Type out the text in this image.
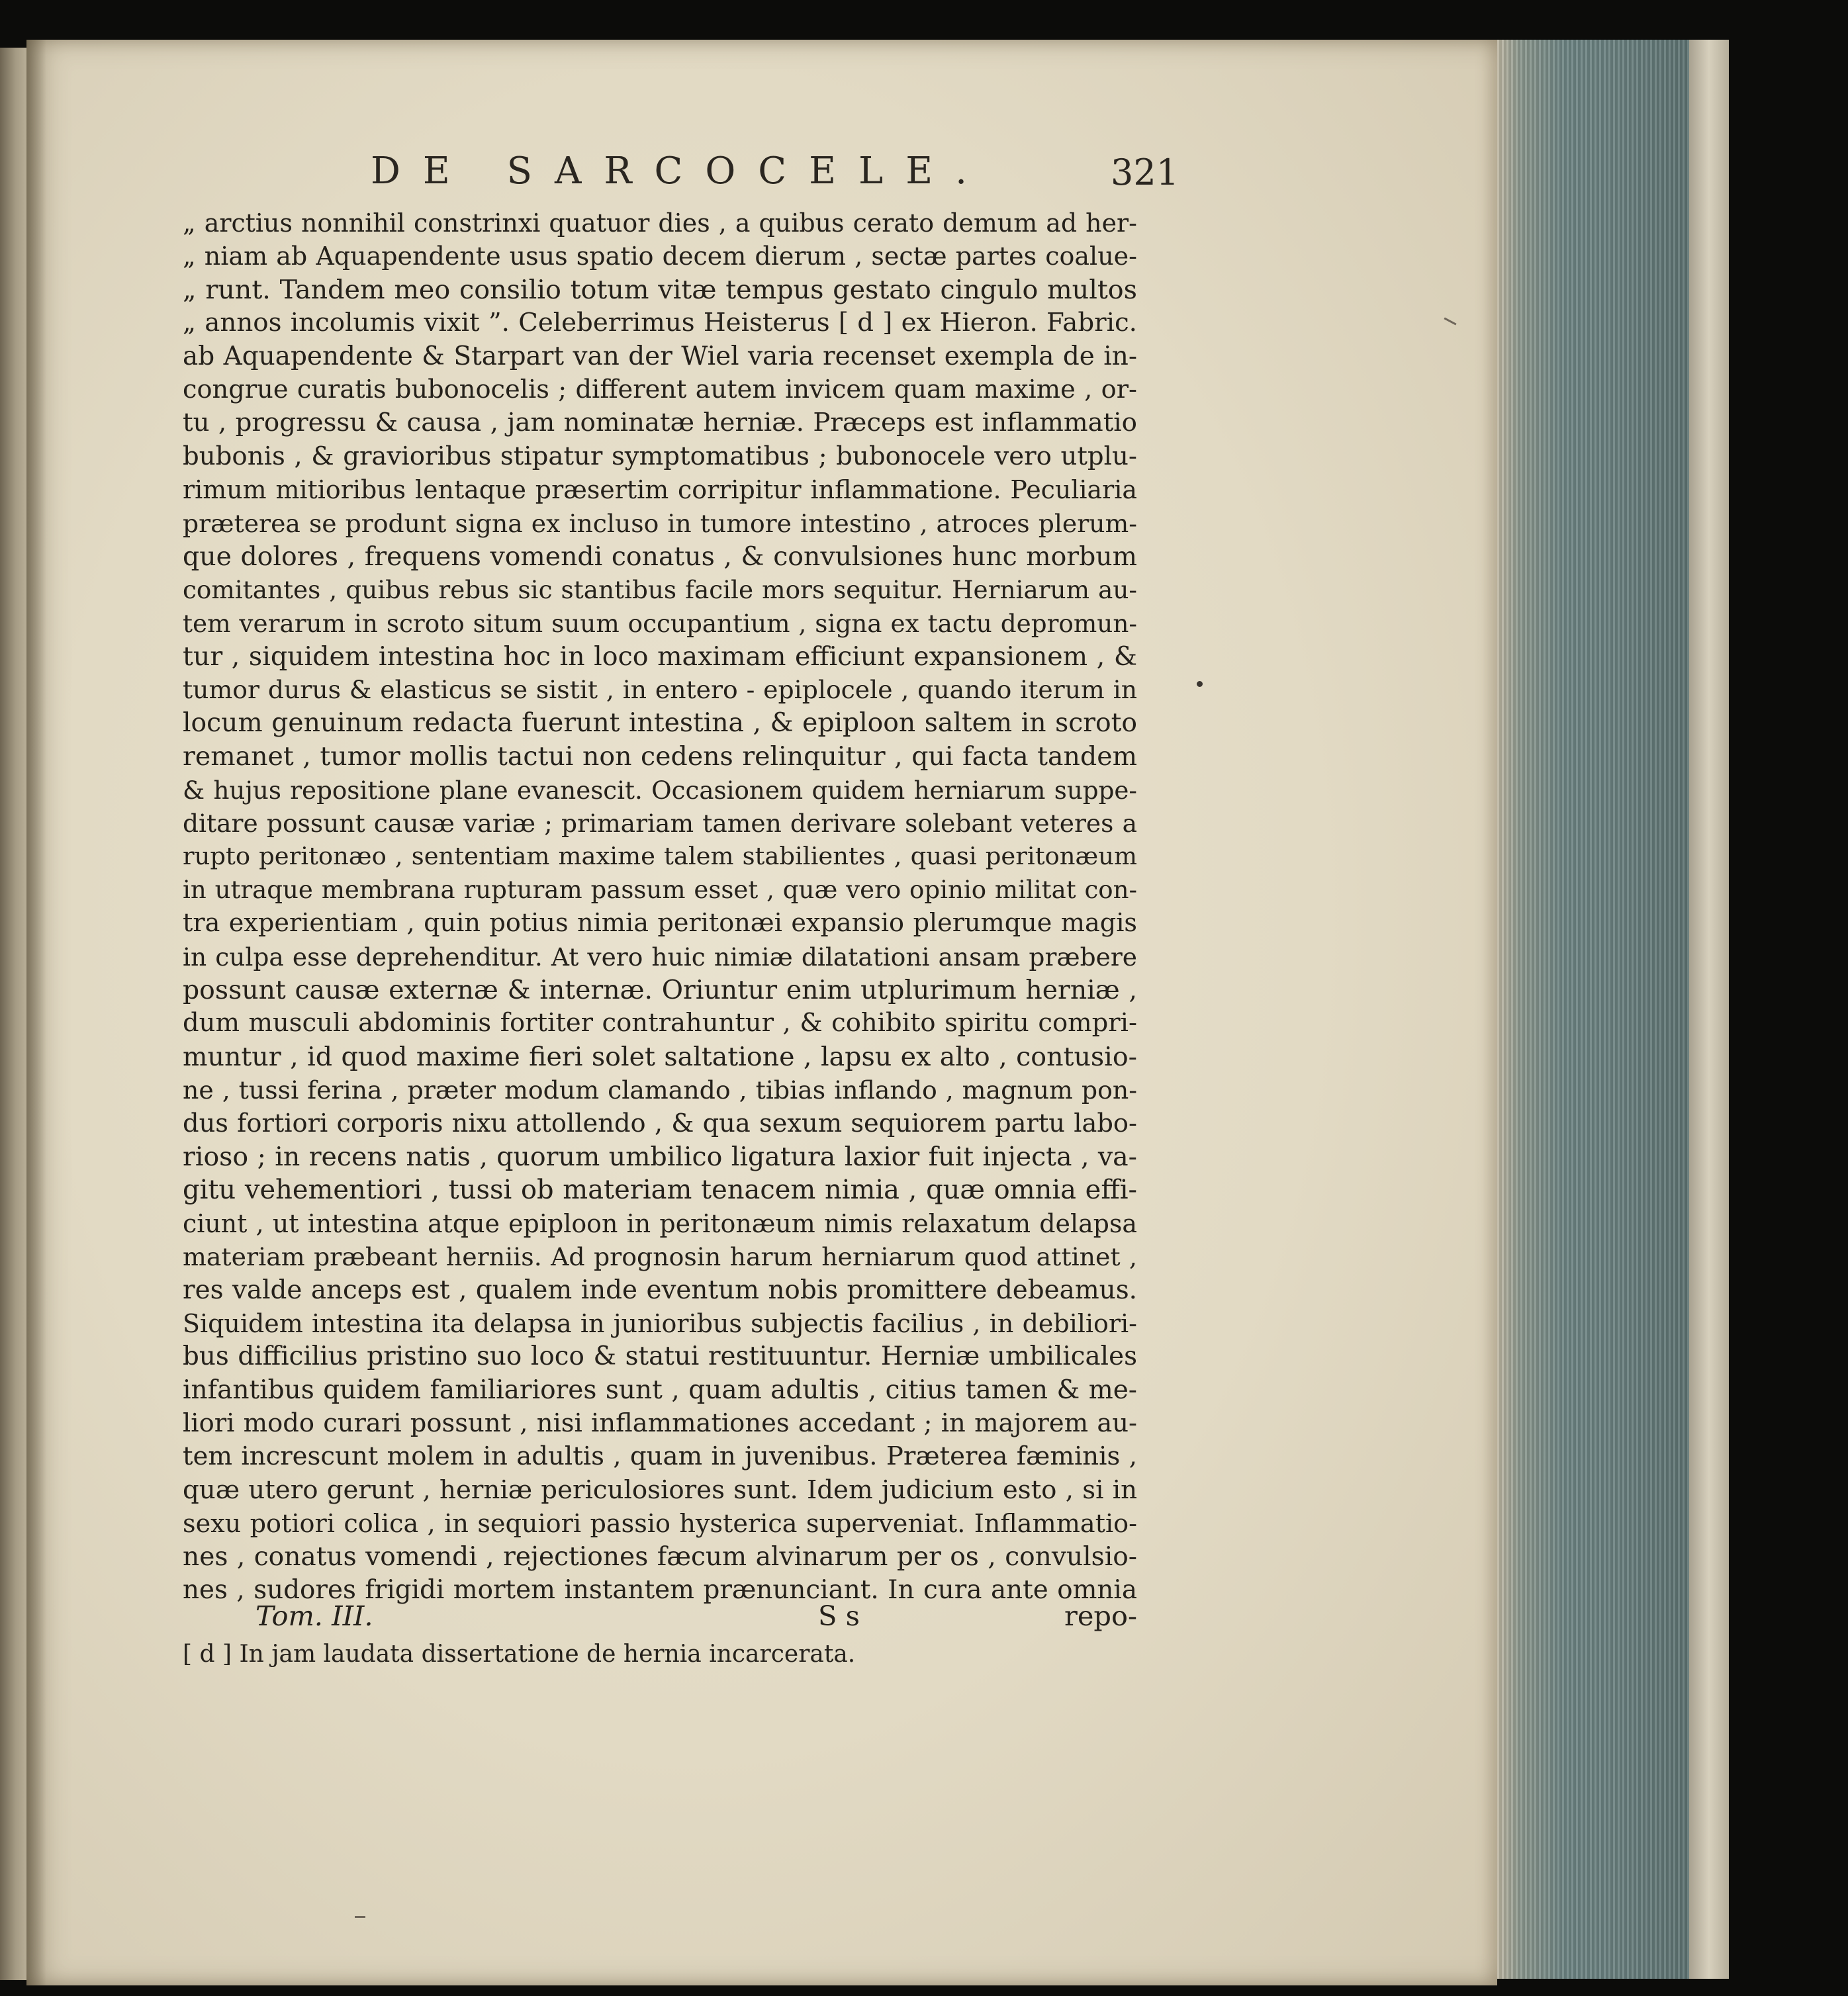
DE SARCOCELE.	321
„ arctius nonnihil constrinxi quatuor dies , a quibus cerato demum ad her-
„ niam ab Aquapendente usus spatio decem dierum , sectæ partes coalue-
„ runt. Tandem meo consilio totum vitæ tempus gestato cingulo multos
„ annos incolumis vixit ”. Celeberrimus Heisterus [ d ] ex Hieron. Fabric.
ab Aquapendente & Starpart van der Wiel varia recenset exempla de in-
congrue curatis bubonocelis ; different autem invicem quam maxime , or-
tu , progressu & causa , jam nominatæ herniæ. Præceps est inflammatio
bubonis , & gravioribus stipatur symptomatibus ; bubonocele vero utplu-
rimum mitioribus lentaque præsertim corripitur inflammatione. Peculiaria
præterea se produnt signa ex incluso in tumore intestino , atroces plerum-
que dolores , frequens vomendi conatus , & convulsiones hunc morbum
comitantes , quibus rebus sic stantibus facile mors sequitur. Herniarum au-
tem verarum in scroto situm suum occupantium , signa ex tactu depromun-
tur , siquidem intestina hoc in loco maximam efficiunt expansionem , &
tumor durus & elasticus se sistit , in entero - epiplocele , quando iterum in
locum genuinum redacta fuerunt intestina , & epiploon saltem in scroto
remanet , tumor mollis tactui non cedens relinquitur , qui facta tandem
& hujus repositione plane evanescit. Occasionem quidem herniarum suppe-
ditare possunt causæ variæ ; primariam tamen derivare solebant veteres a
rupto peritonæo , sententiam maxime talem stabilientes , quasi peritonæum
in utraque membrana rupturam passum esset , quæ vero opinio militat con-
tra experientiam , quin potius nimia peritonæi expansio plerumque magis
in culpa esse deprehenditur. At vero huic nimiæ dilatationi ansam præbere
possunt causæ externæ & internæ. Oriuntur enim utplurimum herniæ ,
dum musculi abdominis fortiter contrahuntur , & cohibito spiritu compri-
muntur , id quod maxime fieri solet saltatione , lapsu ex alto , contusio-
ne , tussi ferina , præter modum clamando , tibias inflando , magnum pon-
dus fortiori corporis nixu attollendo , & qua sexum sequiorem partu labo-
rioso ; in recens natis , quorum umbilico ligatura laxior fuit injecta , va-
gitu vehementiori , tussi ob materiam tenacem nimia , quæ omnia effi-
ciunt , ut intestina atque epiploon in peritonæum nimis relaxatum delapsa
materiam præbeant herniis. Ad prognosin harum herniarum quod attinet ,
res valde anceps est , qualem inde eventum nobis promittere debeamus.
Siquidem intestina ita delapsa in junioribus subjectis facilius , in debiliori-
bus difficilius pristino suo loco & statui restituuntur. Herniæ umbilicales
infantibus quidem familiariores sunt , quam adultis , citius tamen & me-
liori modo curari possunt , nisi inflammationes accedant ; in majorem au-
tem increscunt molem in adultis , quam in juvenibus. Præterea fæminis ,
quæ utero gerunt , herniæ periculosiores sunt. Idem judicium esto , si in
sexu potiori colica , in sequiori passio hysterica superveniat. Inflammatio-
nes , conatus vomendi , rejectiones fæcum alvinarum per os , convulsio-
nes , sudores frigidi mortem instantem prænunciant. In cura ante omnia
Tom. III.	S s	repo-
[ d ] In jam laudata dissertatione de hernia incarcerata.
